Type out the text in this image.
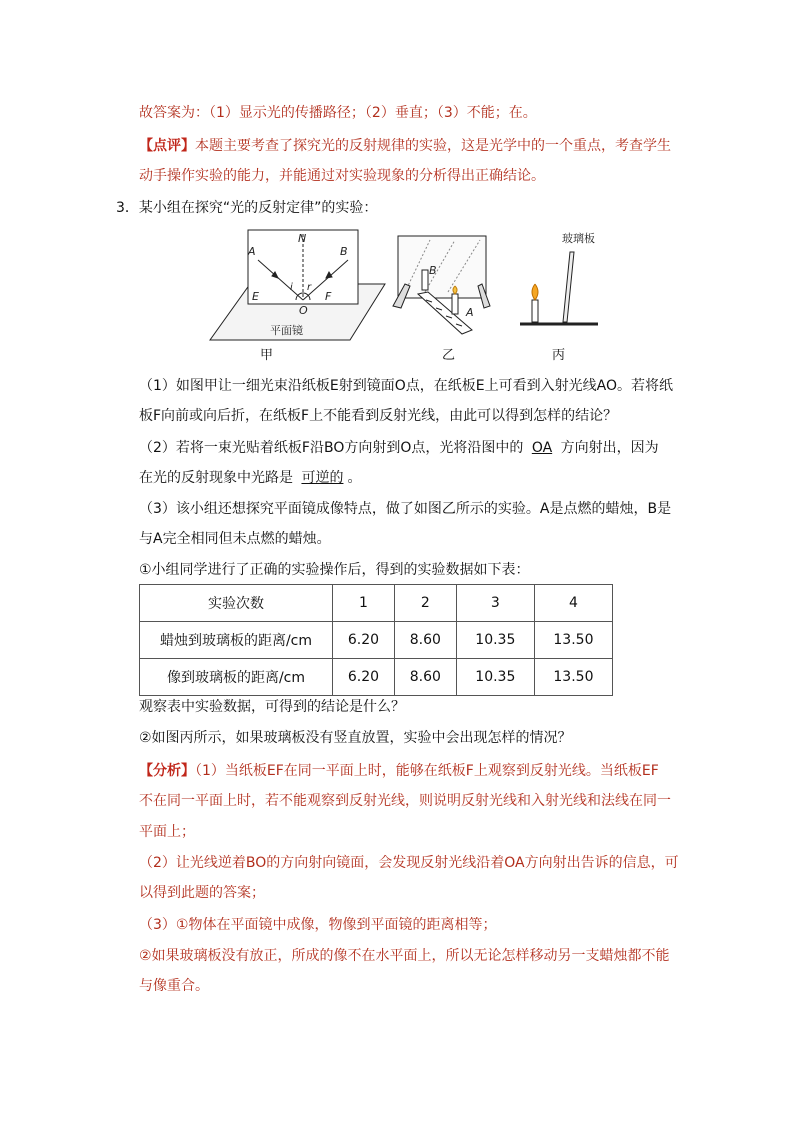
故答案为：（1）显示光的传播路径；（2）垂直；（3）不能；在。
【点评】本题主要考查了探究光的反射规律的实验，这是光学中的一个重点，考查学生
动手操作实验的能力，并能通过对实验现象的分析得出正确结论。
3．某小组在探究“光的反射定律”的实验：
A
N
B
i r
E	F
O
平面镜
B
A
玻璃板
甲	乙	丙
（1）如图甲让一细光束沿纸板E射到镜面O点，在纸板E上可看到入射光线AO。若将纸
板F向前或向后折，在纸板F上不能看到反射光线，由此可以得到怎样的结论？
（2）若将一束光贴着纸板F沿BO方向射到O点，光将沿图中的 OA 方向射出，因为
在光的反射现象中光路是 可逆的 。
（3）该小组还想探究平面镜成像特点，做了如图乙所示的实验。A是点燃的蜡烛，B是
与A完全相同但未点燃的蜡烛。
①小组同学进行了正确的实验操作后，得到的实验数据如下表：
实验次数	1	2	3	4
蜡烛到玻璃板的距离/cm	6.20	8.60	10.35	13.50
像到玻璃板的距离/cm	6.20	8.60	10.35	13.50
观察表中实验数据，可得到的结论是什么？
②如图丙所示，如果玻璃板没有竖直放置，实验中会出现怎样的情况？
【分析】（1）当纸板EF在同一平面上时，能够在纸板F上观察到反射光线。当纸板EF
不在同一平面上时，若不能观察到反射光线，则说明反射光线和入射光线和法线在同一
平面上；
（2）让光线逆着BO的方向射向镜面，会发现反射光线沿着OA方向射出告诉的信息，可
以得到此题的答案；
（3）①物体在平面镜中成像，物像到平面镜的距离相等；
②如果玻璃板没有放正，所成的像不在水平面上，所以无论怎样移动另一支蜡烛都不能
与像重合。
